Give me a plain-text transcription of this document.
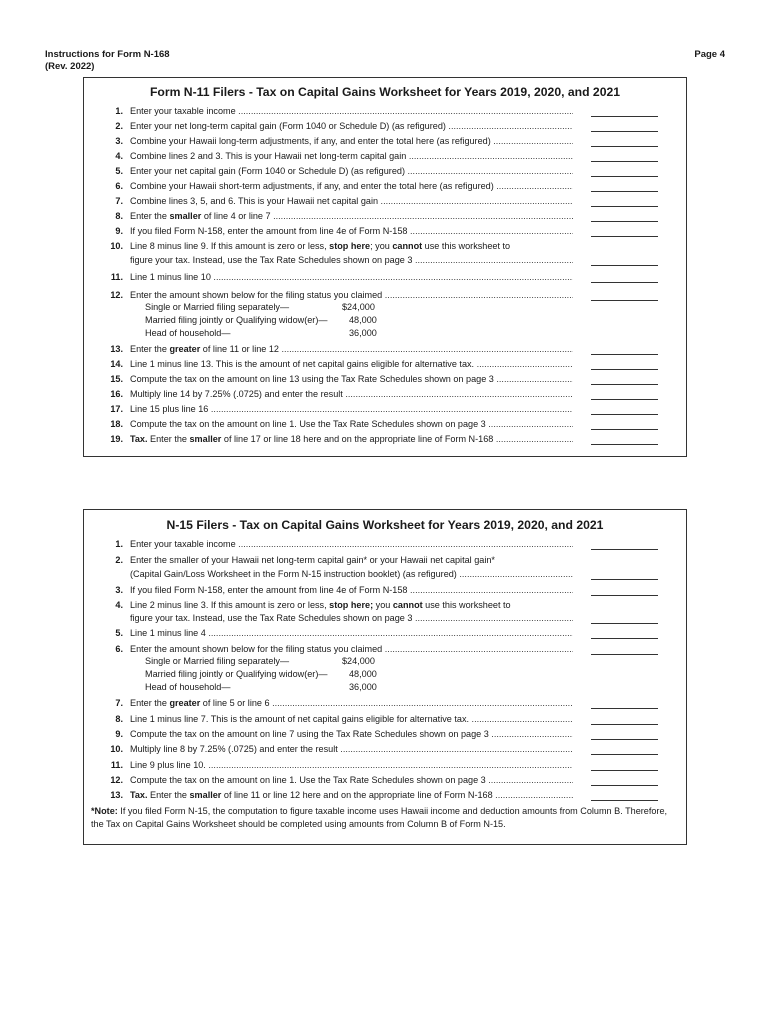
Instructions for Form N-168
(Rev. 2022)
Page 4
Form N-11 Filers - Tax on Capital Gains Worksheet for Years 2019, 2020, and 2021
1. Enter your taxable income .....
2. Enter your net long-term capital gain (Form 1040 or Schedule D) (as refigured) .....
3. Combine your Hawaii long-term adjustments, if any, and enter the total here (as refigured) .....
4. Combine lines 2 and 3. This is your Hawaii net long-term capital gain .....
5. Enter your net capital gain (Form 1040 or Schedule D) (as refigured) .....
6. Combine your Hawaii short-term adjustments, if any, and enter the total here (as refigured) .....
7. Combine lines 3, 5, and 6. This is your Hawaii net capital gain .....
8. Enter the smaller of line 4 or line 7 .....
9. If you filed Form N-158, enter the amount from line 4e of Form N-158 .....
10. Line 8 minus line 9. If this amount is zero or less, stop here; you cannot use this worksheet to
figure your tax. Instead, use the Tax Rate Schedules shown on page 3 .....
11. Line 1 minus line 10 .....
12. Enter the amount shown below for the filing status you claimed .....
Single or Married filing separately—	$24,000
Married filing jointly or Qualifying widow(er)— 48,000
Head of household—	36,000
13. Enter the greater of line 11 or line 12 .....
14. Line 1 minus line 13. This is the amount of net capital gains eligible for alternative tax. .....
15. Compute the tax on the amount on line 13 using the Tax Rate Schedules shown on page 3 .....
16. Multiply line 14 by 7.25% (.0725) and enter the result .....
17. Line 15 plus line 16 .....
18. Compute the tax on the amount on line 1. Use the Tax Rate Schedules shown on page 3 .....
19. Tax. Enter the smaller of line 17 or line 18 here and on the appropriate line of Form N-168 .....
N-15 Filers - Tax on Capital Gains Worksheet for Years 2019, 2020, and 2021
1. Enter your taxable income .....
2. Enter the smaller of your Hawaii net long-term capital gain* or your Hawaii net capital gain*
(Capital Gain/Loss Worksheet in the Form N-15 instruction booklet) (as refigured) .....
3. If you filed Form N-158, enter the amount from line 4e of Form N-158 .....
4. Line 2 minus line 3. If this amount is zero or less, stop here; you cannot use this worksheet to
figure your tax. Instead, use the Tax Rate Schedules shown on page 3 .....
5. Line 1 minus line 4 .....
6. Enter the amount shown below for the filing status you claimed .....
Single or Married filing separately—	$24,000
Married filing jointly or Qualifying widow(er)— 48,000
Head of household—	36,000
7. Enter the greater of line 5 or line 6 .....
8. Line 1 minus line 7. This is the amount of net capital gains eligible for alternative tax. .....
9. Compute the tax on the amount on line 7 using the Tax Rate Schedules shown on page 3 .....
10. Multiply line 8 by 7.25% (.0725) and enter the result .....
11. Line 9 plus line 10. .....
12. Compute the tax on the amount on line 1. Use the Tax Rate Schedules shown on page 3 .....
13. Tax. Enter the smaller of line 11 or line 12 here and on the appropriate line of Form N-168 .....
*Note: If you filed Form N-15, the computation to figure taxable income uses Hawaii income and deduction amounts from Column B. Therefore, the Tax on Capital Gains Worksheet should be completed using amounts from Column B of Form N-15.
